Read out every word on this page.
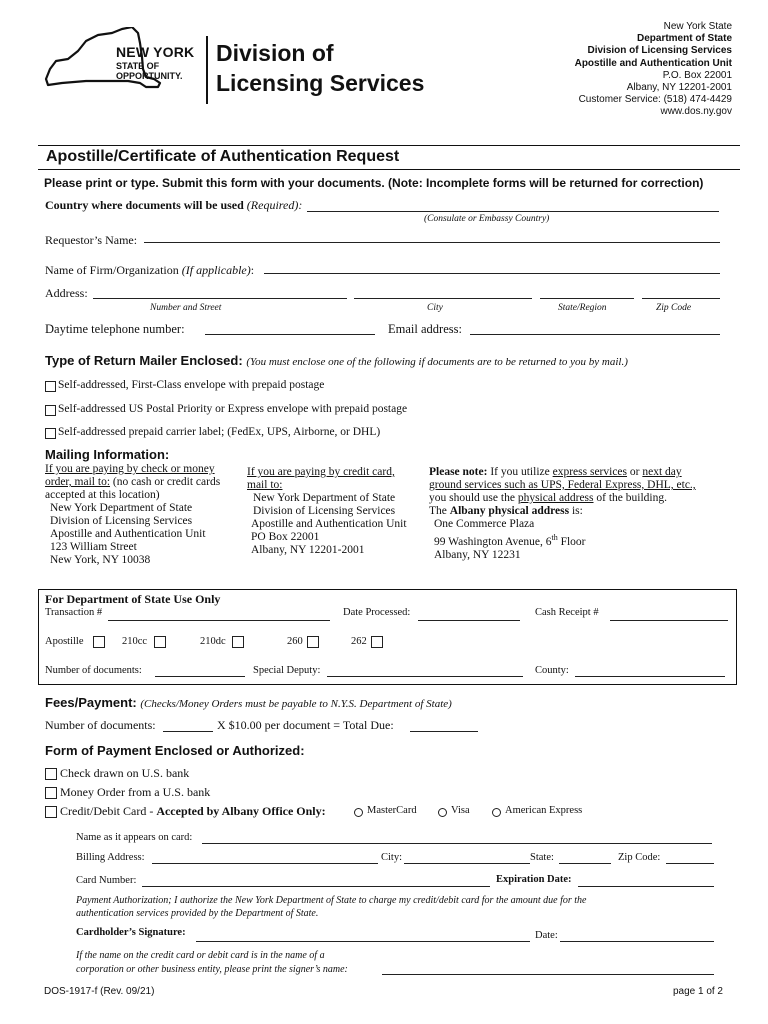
NEW YORK
STATE OF
OPPORTUNITY.
Division of
Licensing Services
New York State
Department of State
Division of Licensing Services
Apostille and Authentication Unit
P.O. Box 22001
Albany, NY 12201-2001
Customer Service: (518) 474-4429
www.dos.ny.gov
Apostille/Certificate of Authentication Request
Please print or type. Submit this form with your documents. (Note: Incomplete forms will be returned for correction)
Country where documents will be used (Required):
(Consulate or Embassy Country)
Requestor’s Name:
Name of Firm/Organization (If applicable):
Address:
Number and Street	City	State/Region	Zip Code
Daytime telephone number:	Email address:
Type of Return Mailer Enclosed: (You must enclose one of the following if documents are to be returned to you by mail.)
Self-addressed, First-Class envelope with prepaid postage
Self-addressed US Postal Priority or Express envelope with prepaid postage
Self-addressed prepaid carrier label; (FedEx, UPS, Airborne, or DHL)
Mailing Information:
If you are paying by check or money
order, mail to: (no cash or credit cards
accepted at this location)
New York Department of State
Division of Licensing Services
Apostille and Authentication Unit
123 William Street
New York, NY 10038
If you are paying by credit card,
mail to:
New York Department of State
Division of Licensing Services
Apostille and Authentication Unit
PO Box 22001
Albany, NY 12201-2001
Please note: If you utilize express services or next day
ground services such as UPS, Federal Express, DHL, etc.,
you should use the physical address of the building.
The Albany physical address is:
One Commerce Plaza
99 Washington Avenue, 6th Floor
Albany, NY 12231
For Department of State Use Only
Transaction #	Date Processed:	Cash Receipt #
Apostille	210cc	210dc	260	262
Number of documents:	Special Deputy:	County:
Fees/Payment: (Checks/Money Orders must be payable to N.Y.S. Department of State)
Number of documents:	X $10.00 per document = Total Due:
Form of Payment Enclosed or Authorized:
Check drawn on U.S. bank
Money Order from a U.S. bank
Credit/Debit Card - Accepted by Albany Office Only:	MasterCard	Visa	American Express
Name as it appears on card:
Billing Address:	City:	State:	Zip Code:
Card Number:	Expiration Date:
Payment Authorization; I authorize the New York Department of State to charge my credit/debit card for the amount due for the
authentication services provided by the Department of State.
Cardholder’s Signature:	Date:
If the name on the credit card or debit card is in the name of a
corporation or other business entity, please print the signer’s name:
DOS-1917-f (Rev. 09/21)	page 1 of 2
